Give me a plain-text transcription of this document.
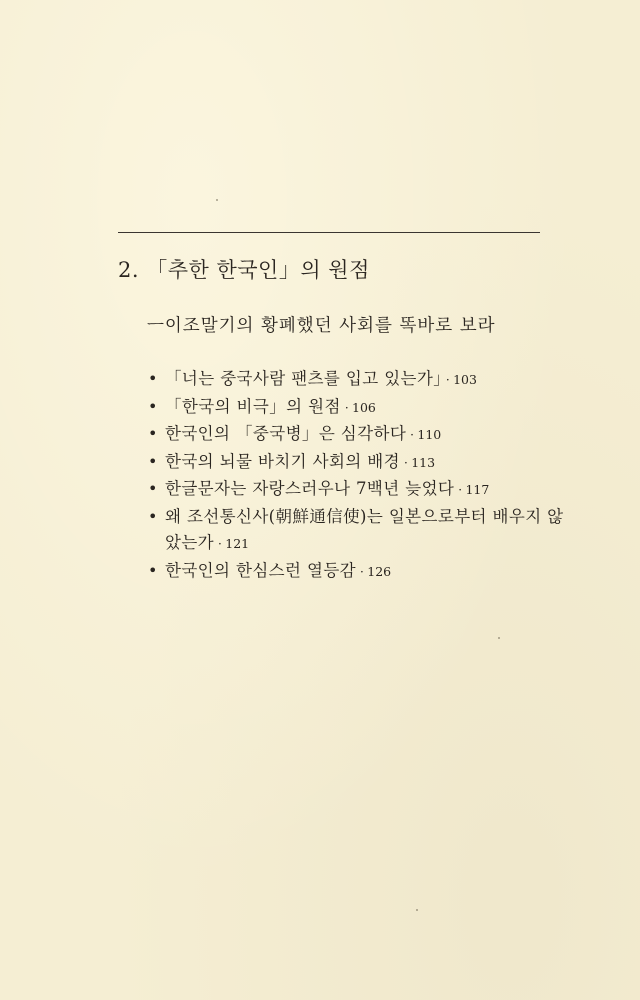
2. 「추한 한국인」의 원점
ㅡ이조말기의 황폐했던 사회를 똑바로 보라
• 「너는 중국사람 팬츠를 입고 있는가」 · 103
• 「한국의 비극」의 원점 · 106
• 한국인의 「중국병」은 심각하다 · 110
• 한국의 뇌물 바치기 사회의 배경 · 113
• 한글문자는 자랑스러우나 7백년 늦었다 · 117
• 왜 조선통신사(朝鮮通信使)는 일본으로부터 배우지 않았는가 · 121
• 한국인의 한심스런 열등감 · 126
